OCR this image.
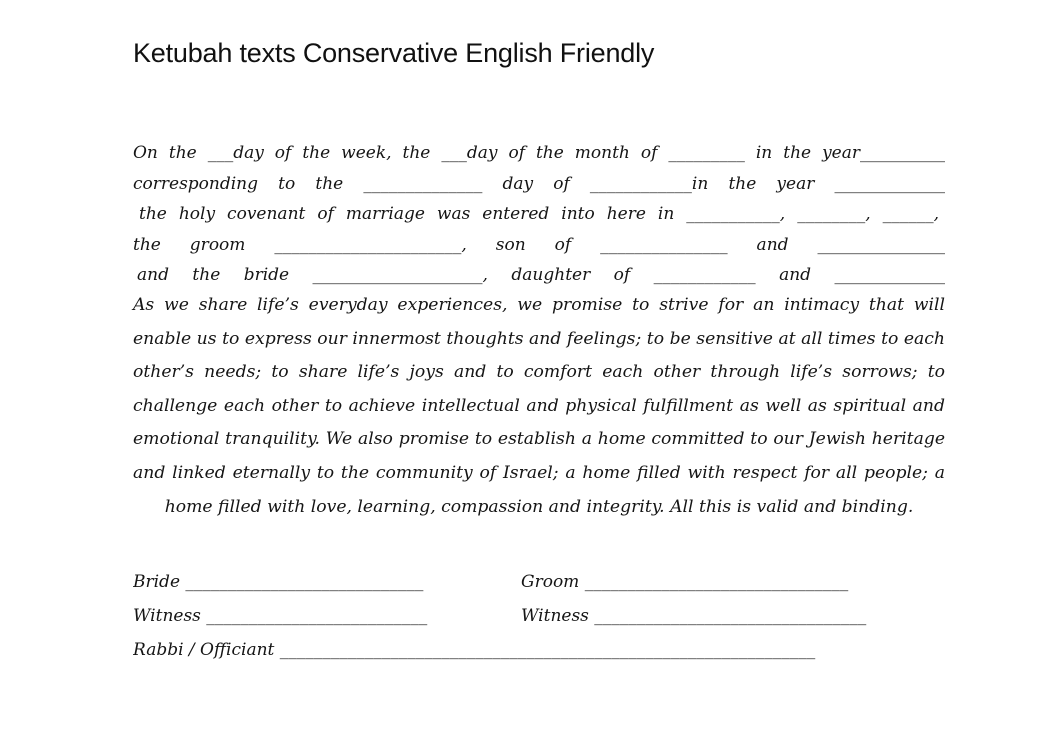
Ketubah texts Conservative English Friendly
On the ___day of the week, the ___day of the month of _________ in the year__________
corresponding to the ______________ day of ____________in the year _____________
the holy covenant of marriage was entered into here in ___________, ________, ______,
the groom ______________________, son of _______________ and _______________
and the bride ____________________, daughter of ____________ and _____________
As we share life’s everyday experiences, we promise to strive for an intimacy that will enable us to express our innermost thoughts and feelings; to be sensitive at all times to each other’s needs; to share life’s joys and to comfort each other through life’s sorrows; to challenge each other to achieve intellectual and physical fulfillment as well as spiritual and emotional tranquility. We also promise to establish a home committed to our Jewish heritage and linked eternally to the community of Israel; a home filled with respect for all people; a home filled with love, learning, compassion and integrity. All this is valid and binding.
Bride ____________________________	Groom _______________________________
Witness __________________________	Witness ________________________________
Rabbi / Officiant _______________________________________________________________
